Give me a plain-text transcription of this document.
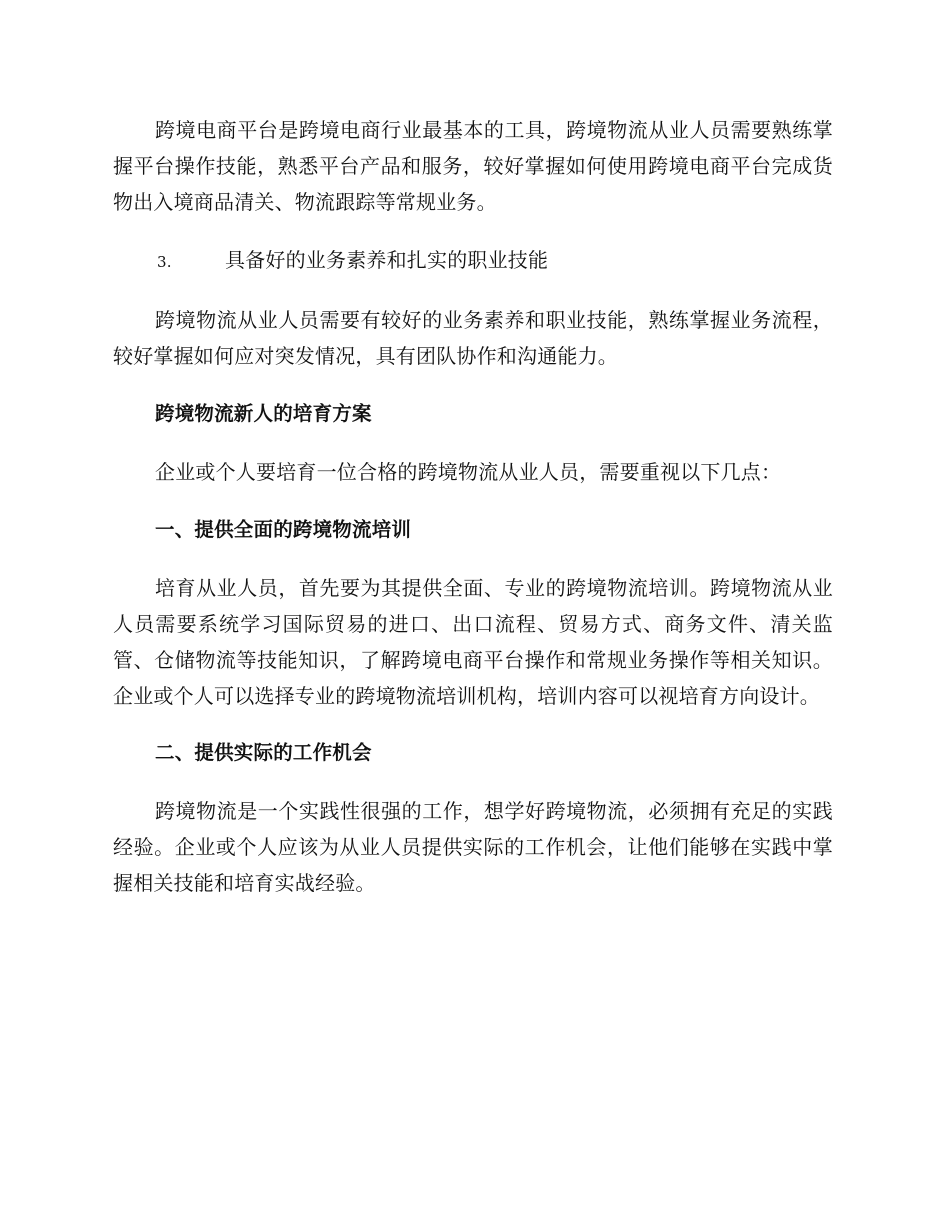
跨境电商平台是跨境电商行业最基本的工具，跨境物流从业人员需要熟练掌握平台操作技能，熟悉平台产品和服务，较好掌握如何使用跨境电商平台完成货物出入境商品清关、物流跟踪等常规业务。

3.	具备好的业务素养和扎实的职业技能

跨境物流从业人员需要有较好的业务素养和职业技能，熟练掌握业务流程，较好掌握如何应对突发情况，具有团队协作和沟通能力。

跨境物流新人的培育方案

企业或个人要培育一位合格的跨境物流从业人员，需要重视以下几点：

一、提供全面的跨境物流培训

培育从业人员，首先要为其提供全面、专业的跨境物流培训。跨境物流从业人员需要系统学习国际贸易的进口、出口流程、贸易方式、商务文件、清关监管、仓储物流等技能知识，了解跨境电商平台操作和常规业务操作等相关知识。企业或个人可以选择专业的跨境物流培训机构，培训内容可以视培育方向设计。

二、提供实际的工作机会

跨境物流是一个实践性很强的工作，想学好跨境物流，必须拥有充足的实践经验。企业或个人应该为从业人员提供实际的工作机会，让他们能够在实践中掌握相关技能和培育实战经验。
